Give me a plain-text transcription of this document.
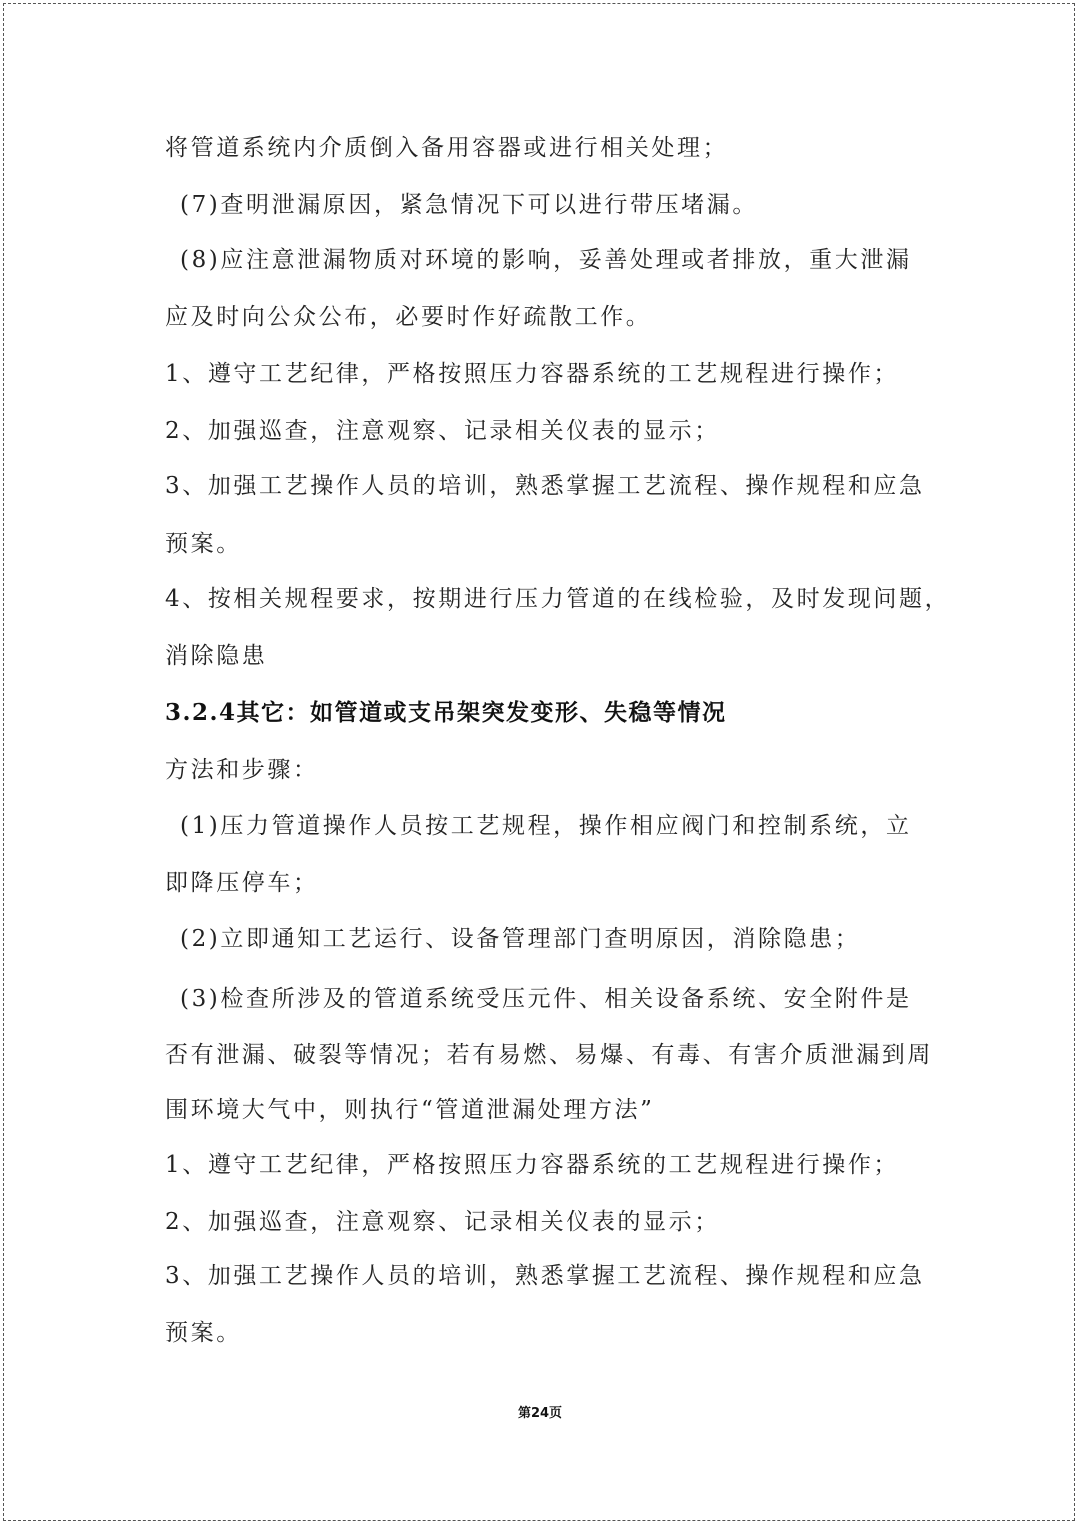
将管道系统内介质倒入备用容器或进行相关处理；
(7)查明泄漏原因，紧急情况下可以进行带压堵漏。
(8)应注意泄漏物质对环境的影响，妥善处理或者排放，重大泄漏
应及时向公众公布，必要时作好疏散工作。
1、遵守工艺纪律，严格按照压力容器系统的工艺规程进行操作；
2、加强巡查，注意观察、记录相关仪表的显示；
3、加强工艺操作人员的培训，熟悉掌握工艺流程、操作规程和应急
预案。
4、按相关规程要求，按期进行压力管道的在线检验，及时发现问题，
消除隐患
3.2.4其它：如管道或支吊架突发变形、失稳等情况
方法和步骤：
(1)压力管道操作人员按工艺规程，操作相应阀门和控制系统，立
即降压停车；
(2)立即通知工艺运行、设备管理部门查明原因，消除隐患；
(3)检查所涉及的管道系统受压元件、相关设备系统、安全附件是
否有泄漏、破裂等情况；若有易燃、易爆、有毒、有害介质泄漏到周
围环境大气中，则执行“管道泄漏处理方法”
1、遵守工艺纪律，严格按照压力容器系统的工艺规程进行操作；
2、加强巡查，注意观察、记录相关仪表的显示；
3、加强工艺操作人员的培训，熟悉掌握工艺流程、操作规程和应急
预案。
第24页
